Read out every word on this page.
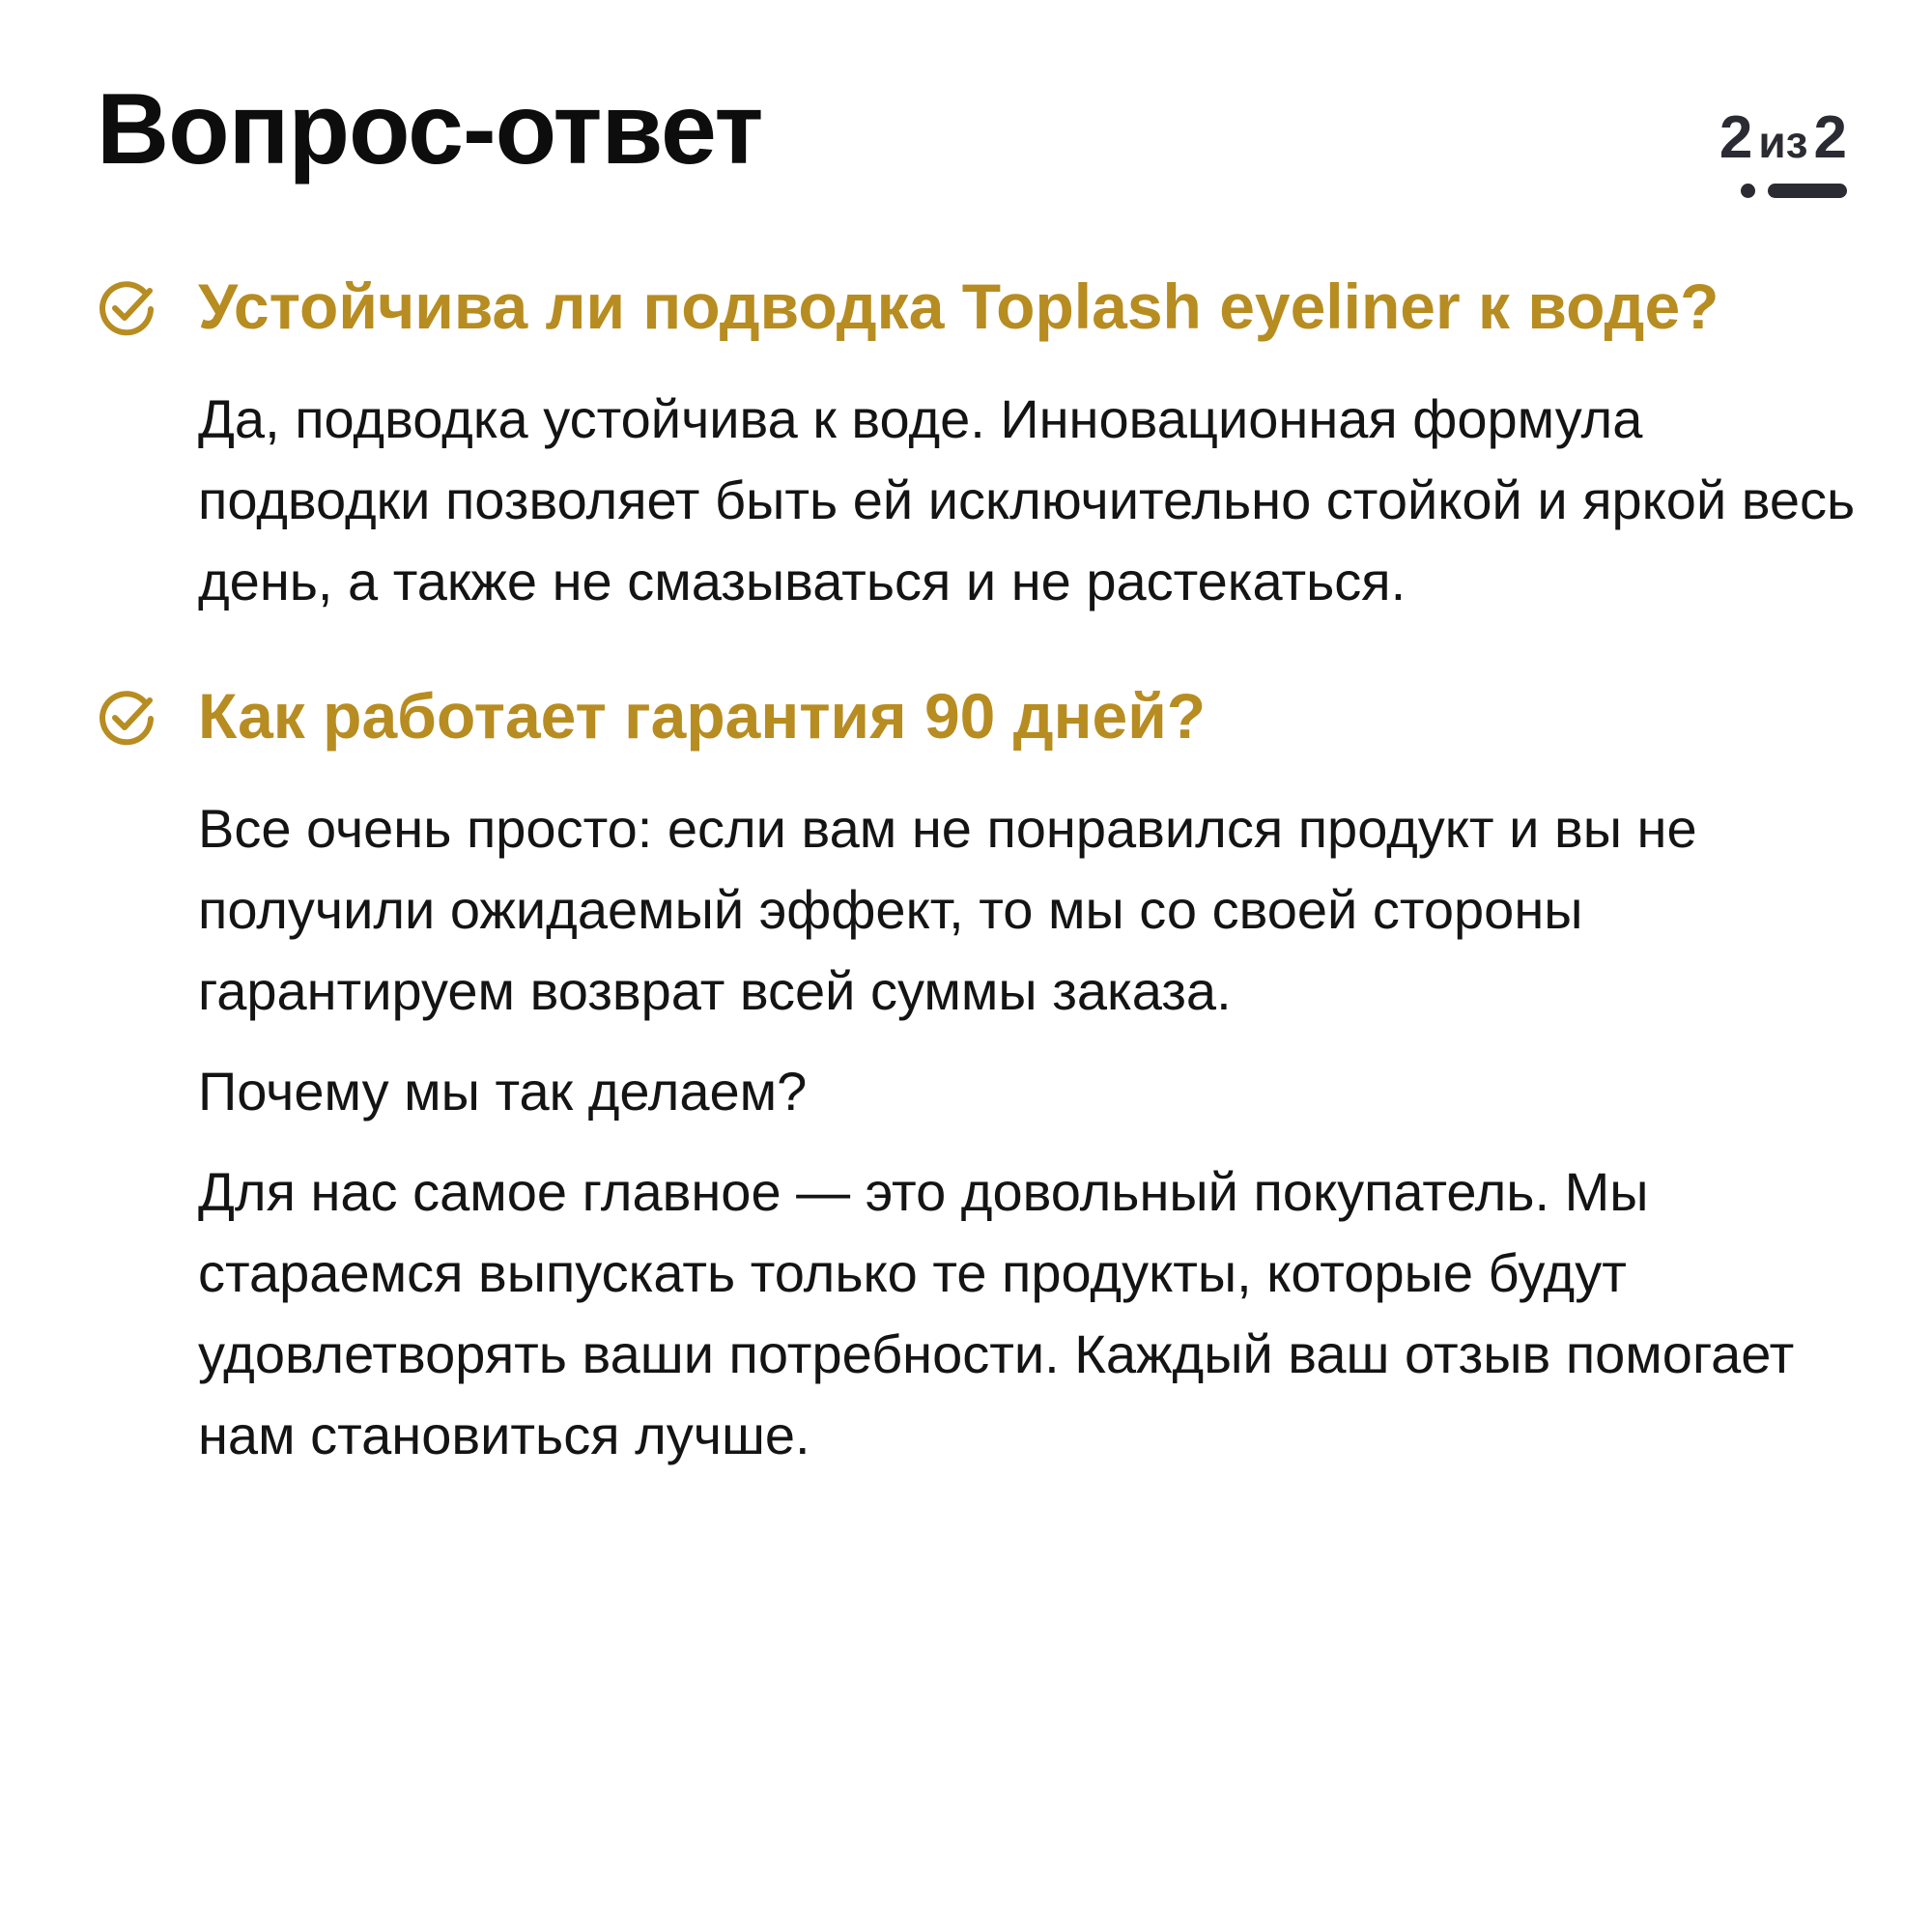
Вопрос-ответ	2 из2
Устойчива ли подводка Toplash eyeliner к воде?

Да, подводка устойчива к воде. Инновационная формула подводки позволяет быть ей исключительно стойкой и яркой весь день, а также не смазываться и не растекаться.

Как работает гарантия 90 дней?

Все очень просто: если вам не понравился продукт и вы не получили ожидаемый эффект, то мы со своей стороны гарантируем возврат всей суммы заказа.

Почему мы так делаем?

Для нас самое главное — это довольный покупатель. Мы стараемся выпускать только те продукты, которые будут удовлетворять ваши потребности. Каждый ваш отзыв помогает нам становиться лучше.
